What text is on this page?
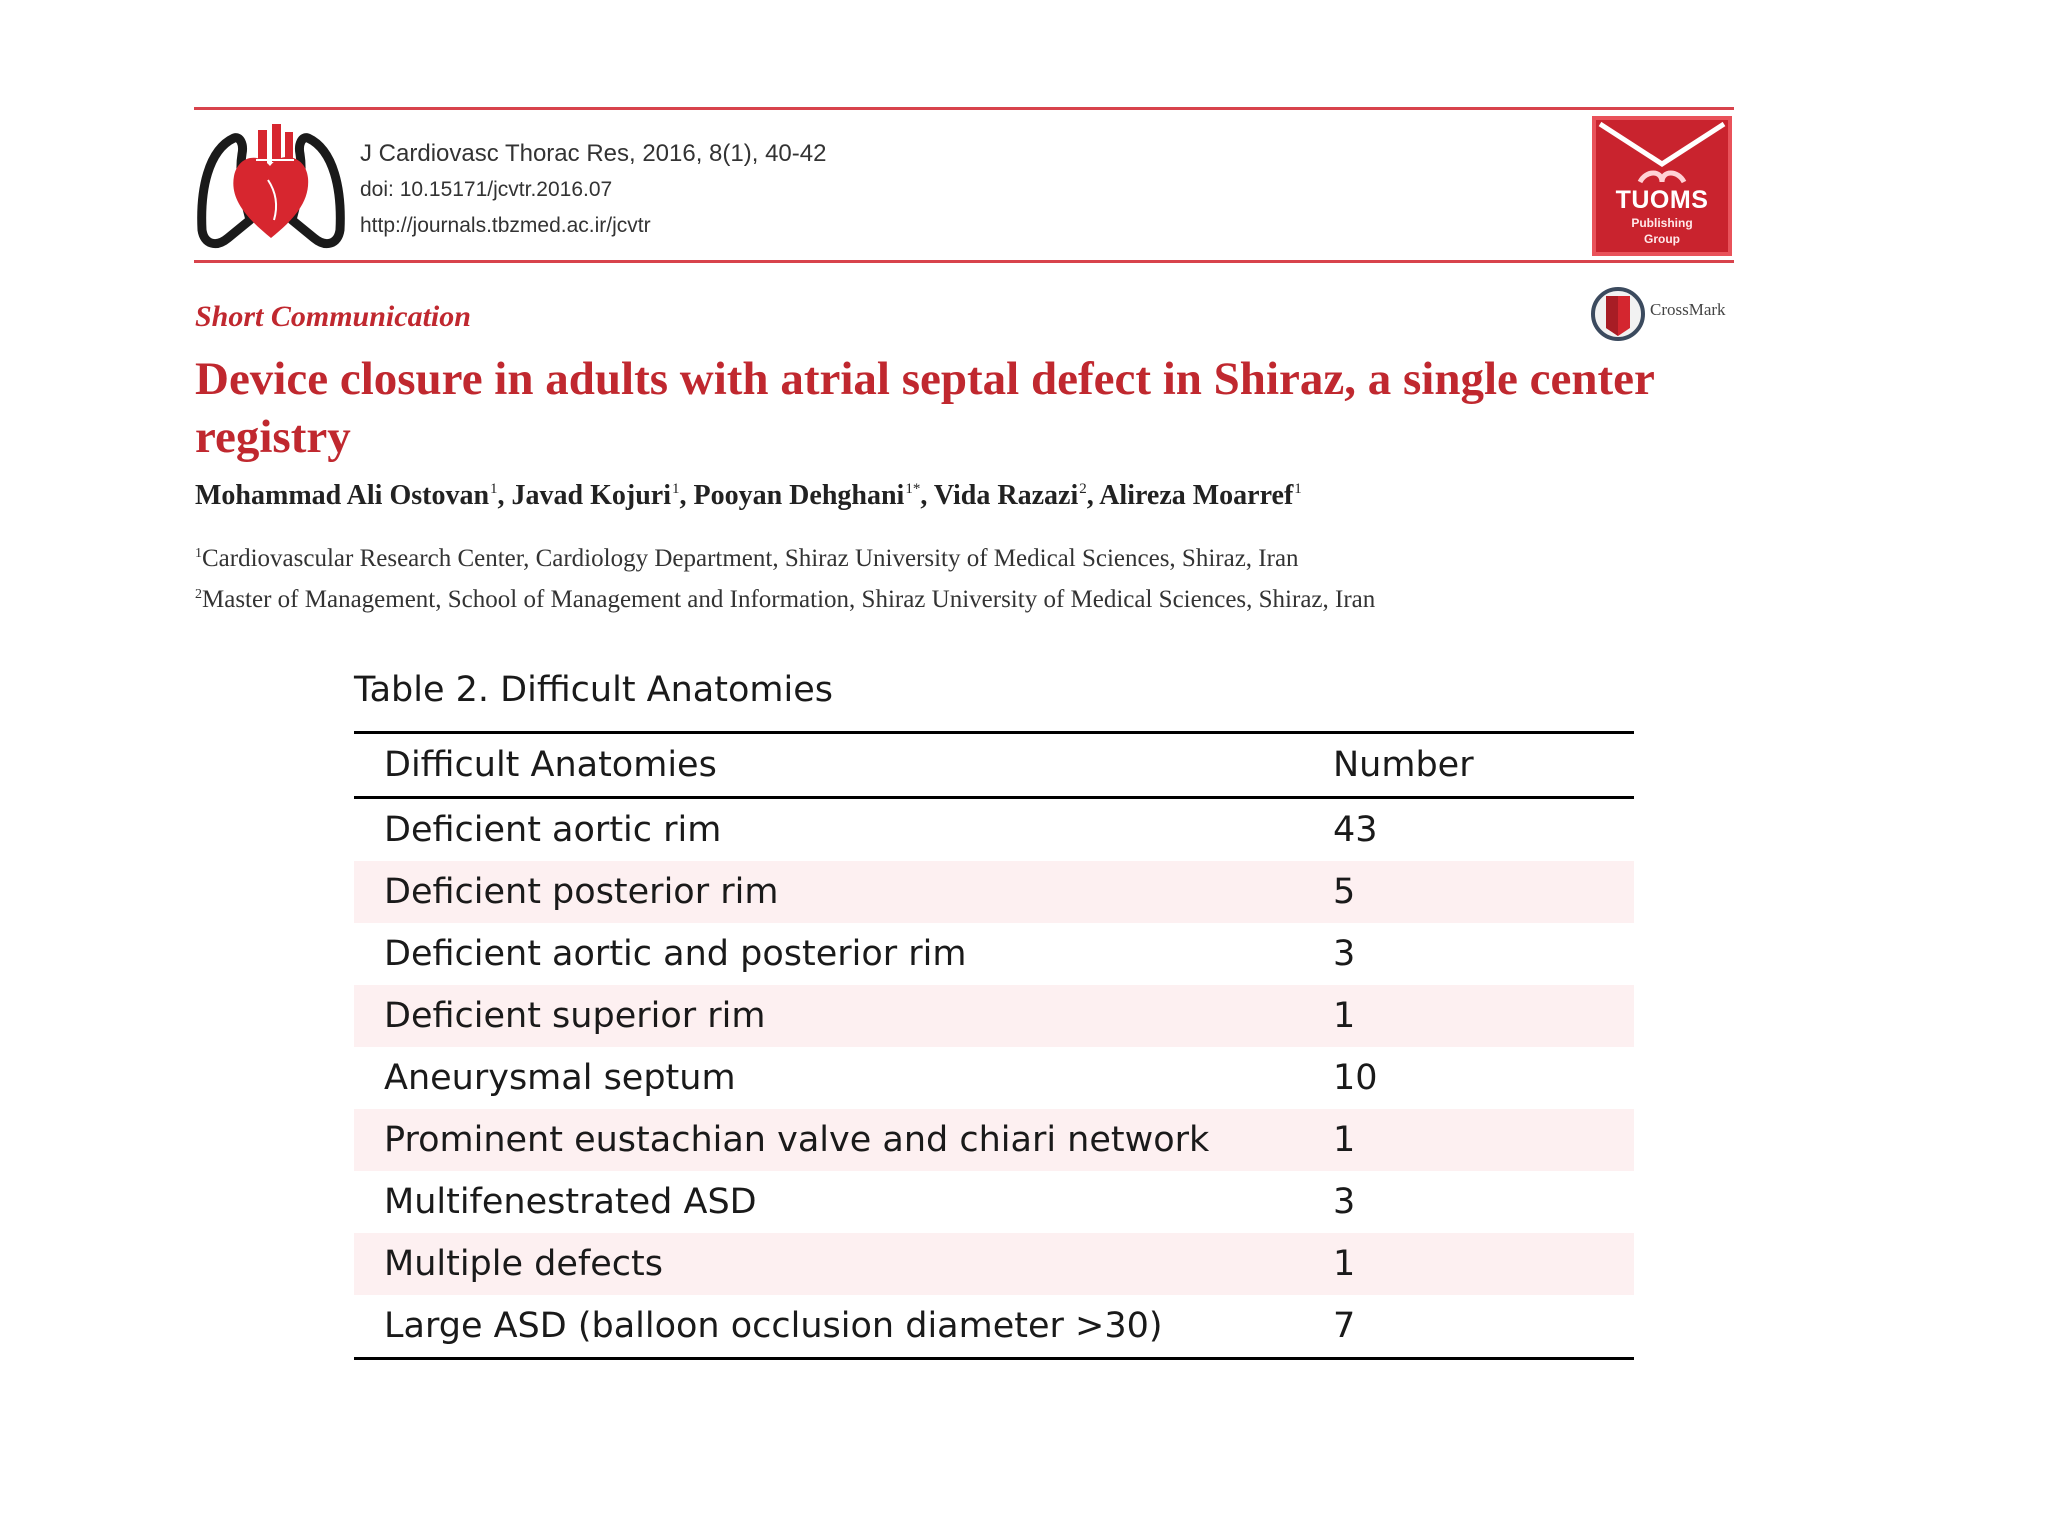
J Cardiovasc Thorac Res, 2016, 8(1), 40-42
doi: 10.15171/jcvtr.2016.07
http://journals.tbzmed.ac.ir/jcvtr
TUOMS
Publishing
Group
Short Communication	CrossMark
Device closure in adults with atrial septal defect in Shiraz, a single center registry
Mohammad Ali Ostovan$^1$, Javad Kojuri$^1$, Pooyan Dehghani$^{1*}$, Vida Razazi$^2$, Alireza Moarref$^1$
$^1$Cardiovascular Research Center, Cardiology Department, Shiraz University of Medical Sciences, Shiraz, Iran
$^2$Master of Management, School of Management and Information, Shiraz University of Medical Sciences, Shiraz, Iran
Table 2. Difficult Anatomies
Difficult Anatomies	Number
Deficient aortic rim	43
Deficient posterior rim	5
Deficient aortic and posterior rim	3
Deficient superior rim	1
Aneurysmal septum	10
Prominent eustachian valve and chiari network	1
Multifenestrated ASD	3
Multiple defects	1
Large ASD (balloon occlusion diameter >30)	7
